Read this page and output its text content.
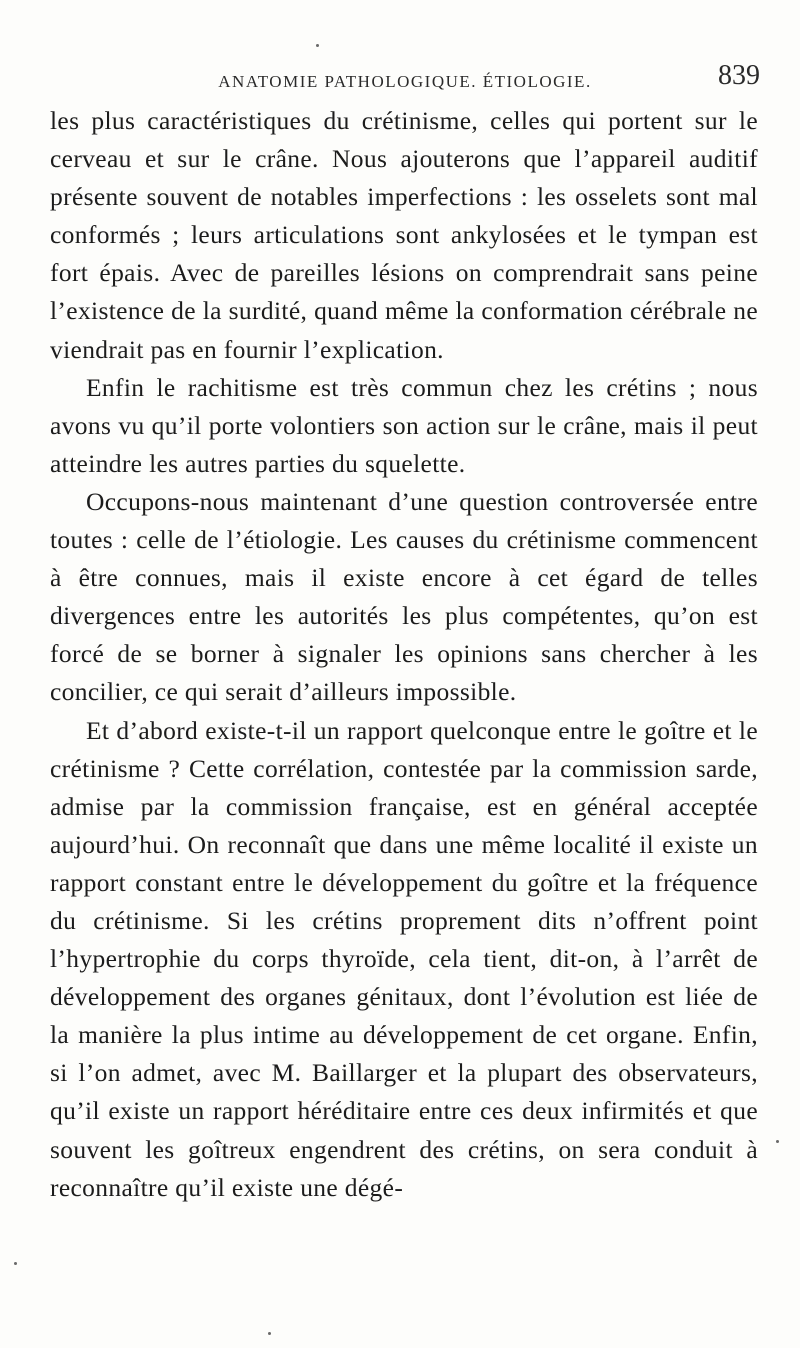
ANATOMIE PATHOLOGIQUE. ÉTIOLOGIE.	839

les plus caractéristiques du crétinisme, celles qui portent sur le cerveau et sur le crâne. Nous ajouterons que l’appareil auditif présente souvent de notables imperfections : les osselets sont mal conformés ; leurs articulations sont ankylosées et le tympan est fort épais. Avec de pareilles lésions on comprendrait sans peine l’existence de la surdité, quand même la conformation cérébrale ne viendrait pas en fournir l’explication.

Enfin le rachitisme est très commun chez les crétins ; nous avons vu qu’il porte volontiers son action sur le crâne, mais il peut atteindre les autres parties du squelette.

Occupons-nous maintenant d’une question controversée entre toutes : celle de l’étiologie. Les causes du crétinisme commencent à être connues, mais il existe encore à cet égard de telles divergences entre les autorités les plus compétentes, qu’on est forcé de se borner à signaler les opinions sans chercher à les concilier, ce qui serait d’ailleurs impossible.

Et d’abord existe-t-il un rapport quelconque entre le goître et le crétinisme ? Cette corrélation, contestée par la commission sarde, admise par la commission française, est en général acceptée aujourd’hui. On reconnaît que dans une même localité il existe un rapport constant entre le développement du goître et la fréquence du crétinisme. Si les crétins proprement dits n’offrent point l’hypertrophie du corps thyroïde, cela tient, dit-on, à l’arrêt de développement des organes génitaux, dont l’évolution est liée de la manière la plus intime au développement de cet organe. Enfin, si l’on admet, avec M. Baillarger et la plupart des observateurs, qu’il existe un rapport héréditaire entre ces deux infirmités et que souvent les goîtreux engendrent des crétins, on sera conduit à reconnaître qu’il existe une dégé-
